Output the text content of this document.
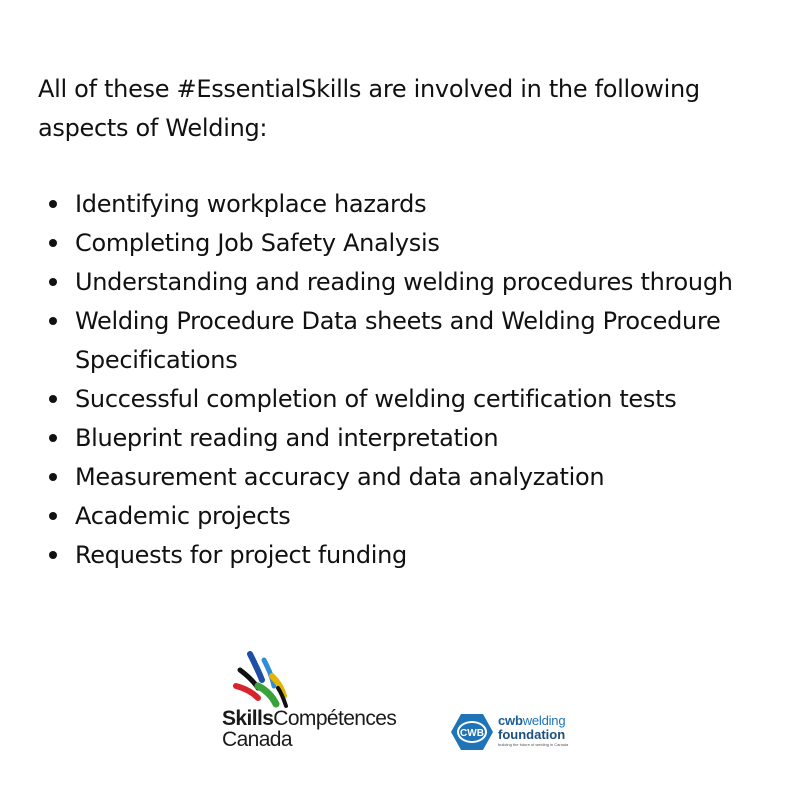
All of these #EssentialSkills are involved in the following aspects of Welding:

Identifying workplace hazards
Completing Job Safety Analysis
Understanding and reading welding procedures through
Welding Procedure Data sheets and Welding Procedure
Specifications
Successful completion of welding certification tests
Blueprint reading and interpretation
Measurement accuracy and data analyzation
Academic projects
Requests for project funding
SkillsCompétences
Canada	CWB
cwbwelding
foundation
building the future of welding in Canada
